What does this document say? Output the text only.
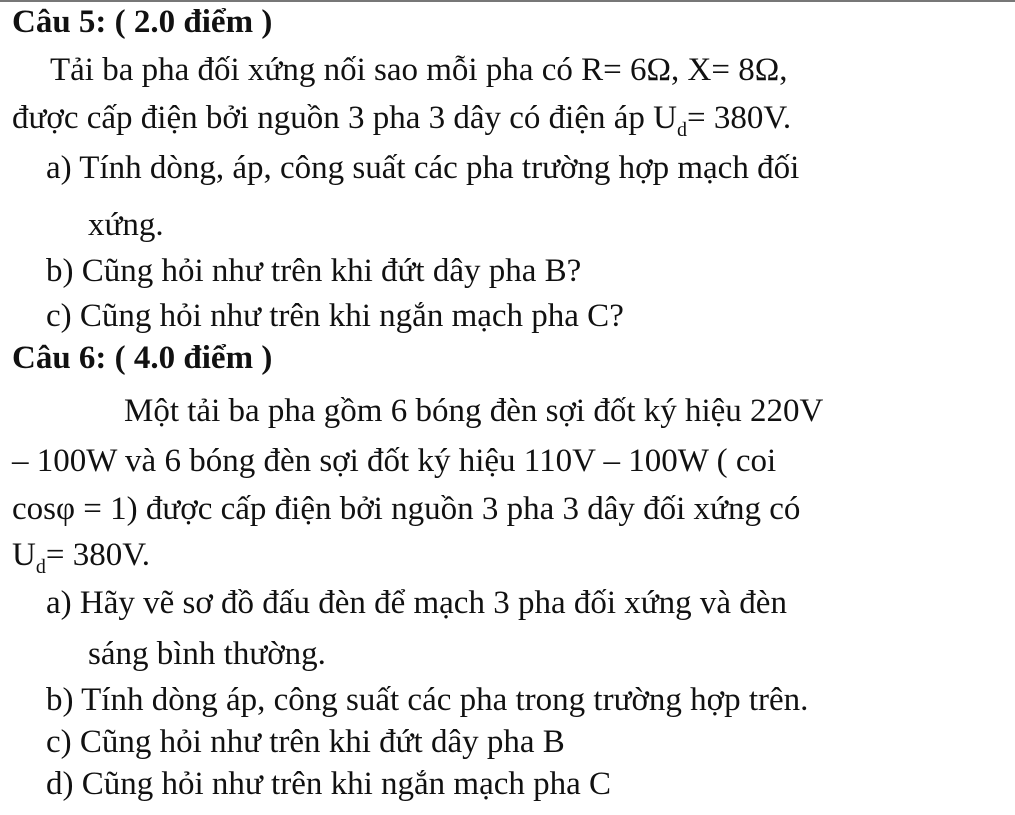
Câu 5: ( 2.0 điểm )
Tải ba pha đối xứng nối sao mỗi pha có R= 6Ω, X= 8Ω,
được cấp điện bởi nguồn 3 pha 3 dây có điện áp $U_d= 380V$.
a) Tính dòng, áp, công suất các pha trường hợp mạch đối
xứng.
b) Cũng hỏi như trên khi đứt dây pha B?
c) Cũng hỏi như trên khi ngắn mạch pha C?
Câu 6: ( 4.0 điểm )
Một tải ba pha gồm 6 bóng đèn sợi đốt ký hiệu 220V
– 100W và 6 bóng đèn sợi đốt ký hiệu 110V – 100W ( coi
cosφ = 1) được cấp điện bởi nguồn 3 pha 3 dây đối xứng có
$U_d= 380V$.
a) Hãy vẽ sơ đồ đấu đèn để mạch 3 pha đối xứng và đèn
sáng bình thường.
b) Tính dòng áp, công suất các pha trong trường hợp trên.
c) Cũng hỏi như trên khi đứt dây pha B
d) Cũng hỏi như trên khi ngắn mạch pha C
